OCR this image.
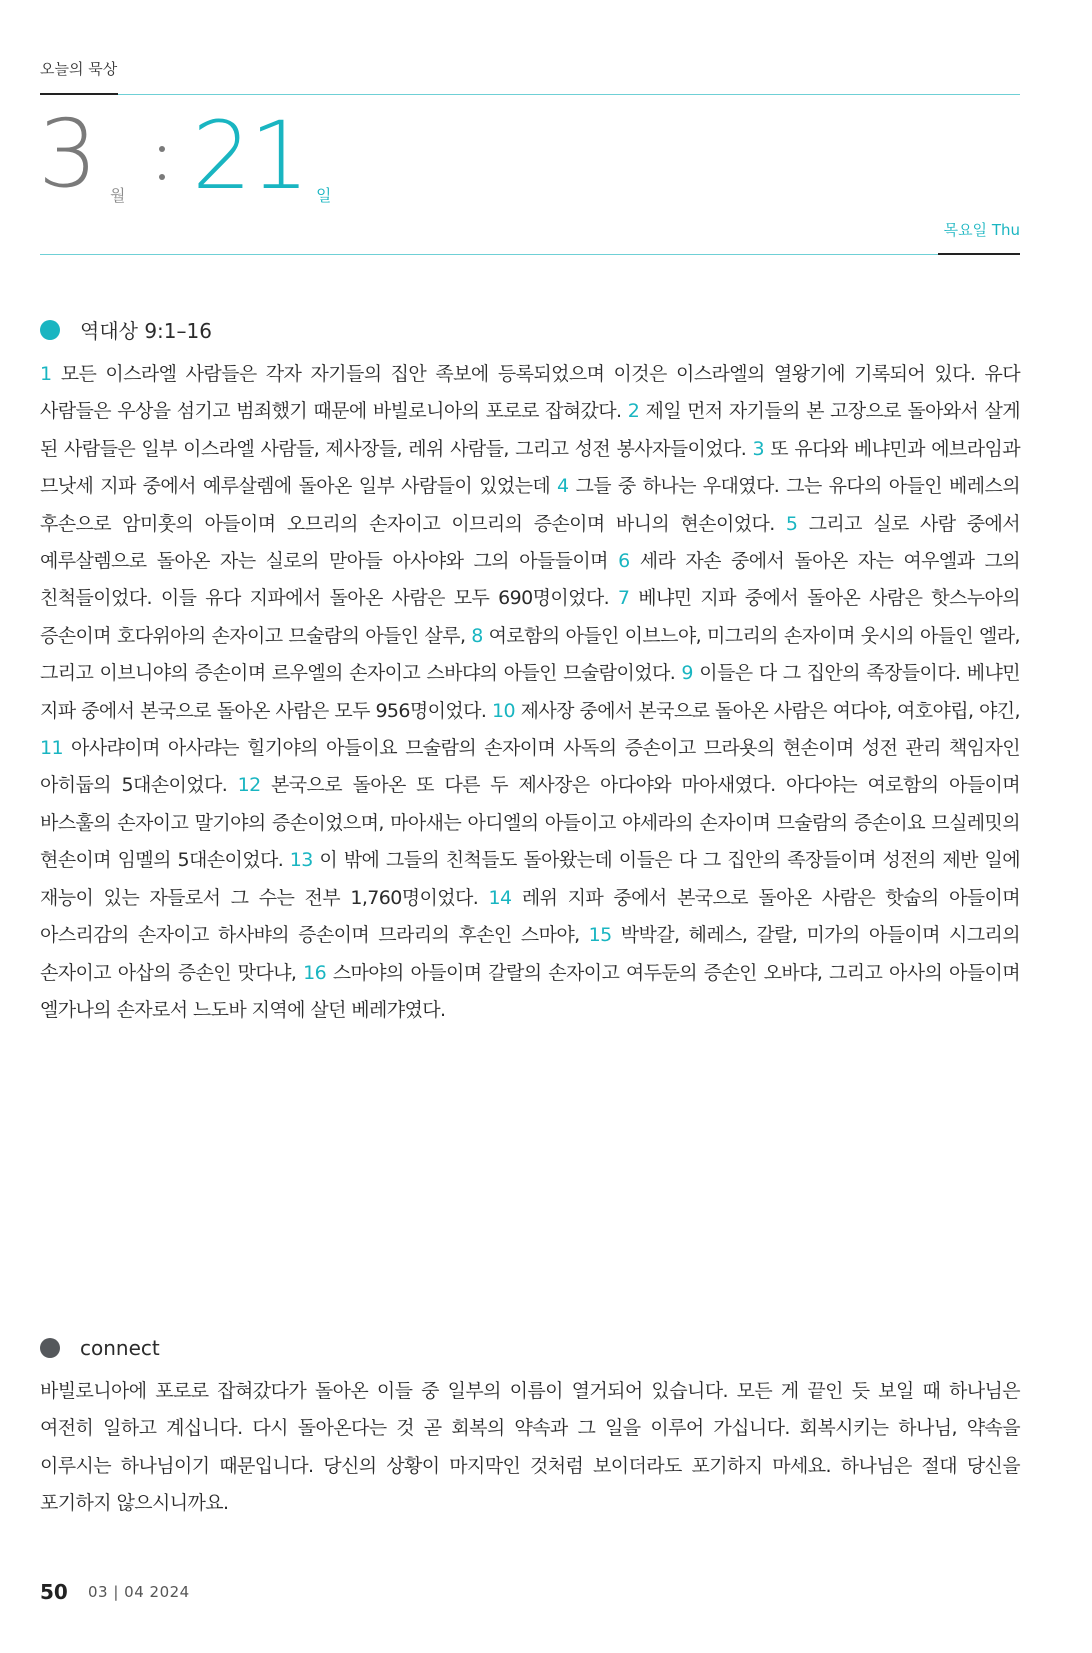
오늘의 묵상
3 월 21 일
목요일 Thu
역대상 9:1–16

1 모든 이스라엘 사람들은 각자 자기들의 집안 족보에 등록되었으며 이것은 이스라엘의 열왕기에 기록되어 있다. 유다 사람들은 우상을 섬기고 범죄했기 때문에 바빌로니아의 포로로 잡혀갔다. 2 제일 먼저 자기들의 본 고장으로 돌아와서 살게 된 사람들은 일부 이스라엘 사람들, 제사장들, 레위 사람들, 그리고 성전 봉사자들이었다. 3 또 유다와 베냐민과 에브라임과 므낫세 지파 중에서 예루살렘에 돌아온 일부 사람들이 있었는데 4 그들 중 하나는 우대였다. 그는 유다의 아들인 베레스의 후손으로 암미훗의 아들이며 오므리의 손자이고 이므리의 증손이며 바니의 현손이었다. 5 그리고 실로 사람 중에서 예루살렘으로 돌아온 자는 실로의 맏아들 아사야와 그의 아들들이며 6 세라 자손 중에서 돌아온 자는 여우엘과 그의 친척들이었다. 이들 유다 지파에서 돌아온 사람은 모두 690명이었다. 7 베냐민 지파 중에서 돌아온 사람은 핫스누아의 증손이며 호다위아의 손자이고 므술람의 아들인 살루, 8 여로함의 아들인 이브느야, 미그리의 손자이며 웃시의 아들인 엘라, 그리고 이브니야의 증손이며 르우엘의 손자이고 스바댜의 아들인 므술람이었다. 9 이들은 다 그 집안의 족장들이다. 베냐민 지파 중에서 본국으로 돌아온 사람은 모두 956명이었다. 10 제사장 중에서 본국으로 돌아온 사람은 여다야, 여호야립, 야긴, 11 아사랴이며 아사랴는 힐기야의 아들이요 므술람의 손자이며 사독의 증손이고 므라욧의 현손이며 성전 관리 책임자인 아히둡의 5대손이었다. 12 본국으로 돌아온 또 다른 두 제사장은 아다야와 마아새였다. 아다야는 여로함의 아들이며 바스훌의 손자이고 말기야의 증손이었으며, 마아새는 아디엘의 아들이고 야세라의 손자이며 므술람의 증손이요 므실레밋의 현손이며 임멜의 5대손이었다. 13 이 밖에 그들의 친척들도 돌아왔는데 이들은 다 그 집안의 족장들이며 성전의 제반 일에 재능이 있는 자들로서 그 수는 전부 1,760명이었다. 14 레위 지파 중에서 본국으로 돌아온 사람은 핫숩의 아들이며 아스리감의 손자이고 하사뱌의 증손이며 므라리의 후손인 스마야, 15 박박갈, 헤레스, 갈랄, 미가의 아들이며 시그리의 손자이고 아삽의 증손인 맛다냐, 16 스마야의 아들이며 갈랄의 손자이고 여두둔의 증손인 오바댜, 그리고 아사의 아들이며 엘가나의 손자로서 느도바 지역에 살던 베레갸였다.

connect

바빌로니아에 포로로 잡혀갔다가 돌아온 이들 중 일부의 이름이 열거되어 있습니다. 모든 게 끝인 듯 보일 때 하나님은 여전히 일하고 계십니다. 다시 돌아온다는 것 곧 회복의 약속과 그 일을 이루어 가십니다. 회복시키는 하나님, 약속을 이루시는 하나님이기 때문입니다. 당신의 상황이 마지막인 것처럼 보이더라도 포기하지 마세요. 하나님은 절대 당신을 포기하지 않으시니까요.

50 03 | 04 2024
